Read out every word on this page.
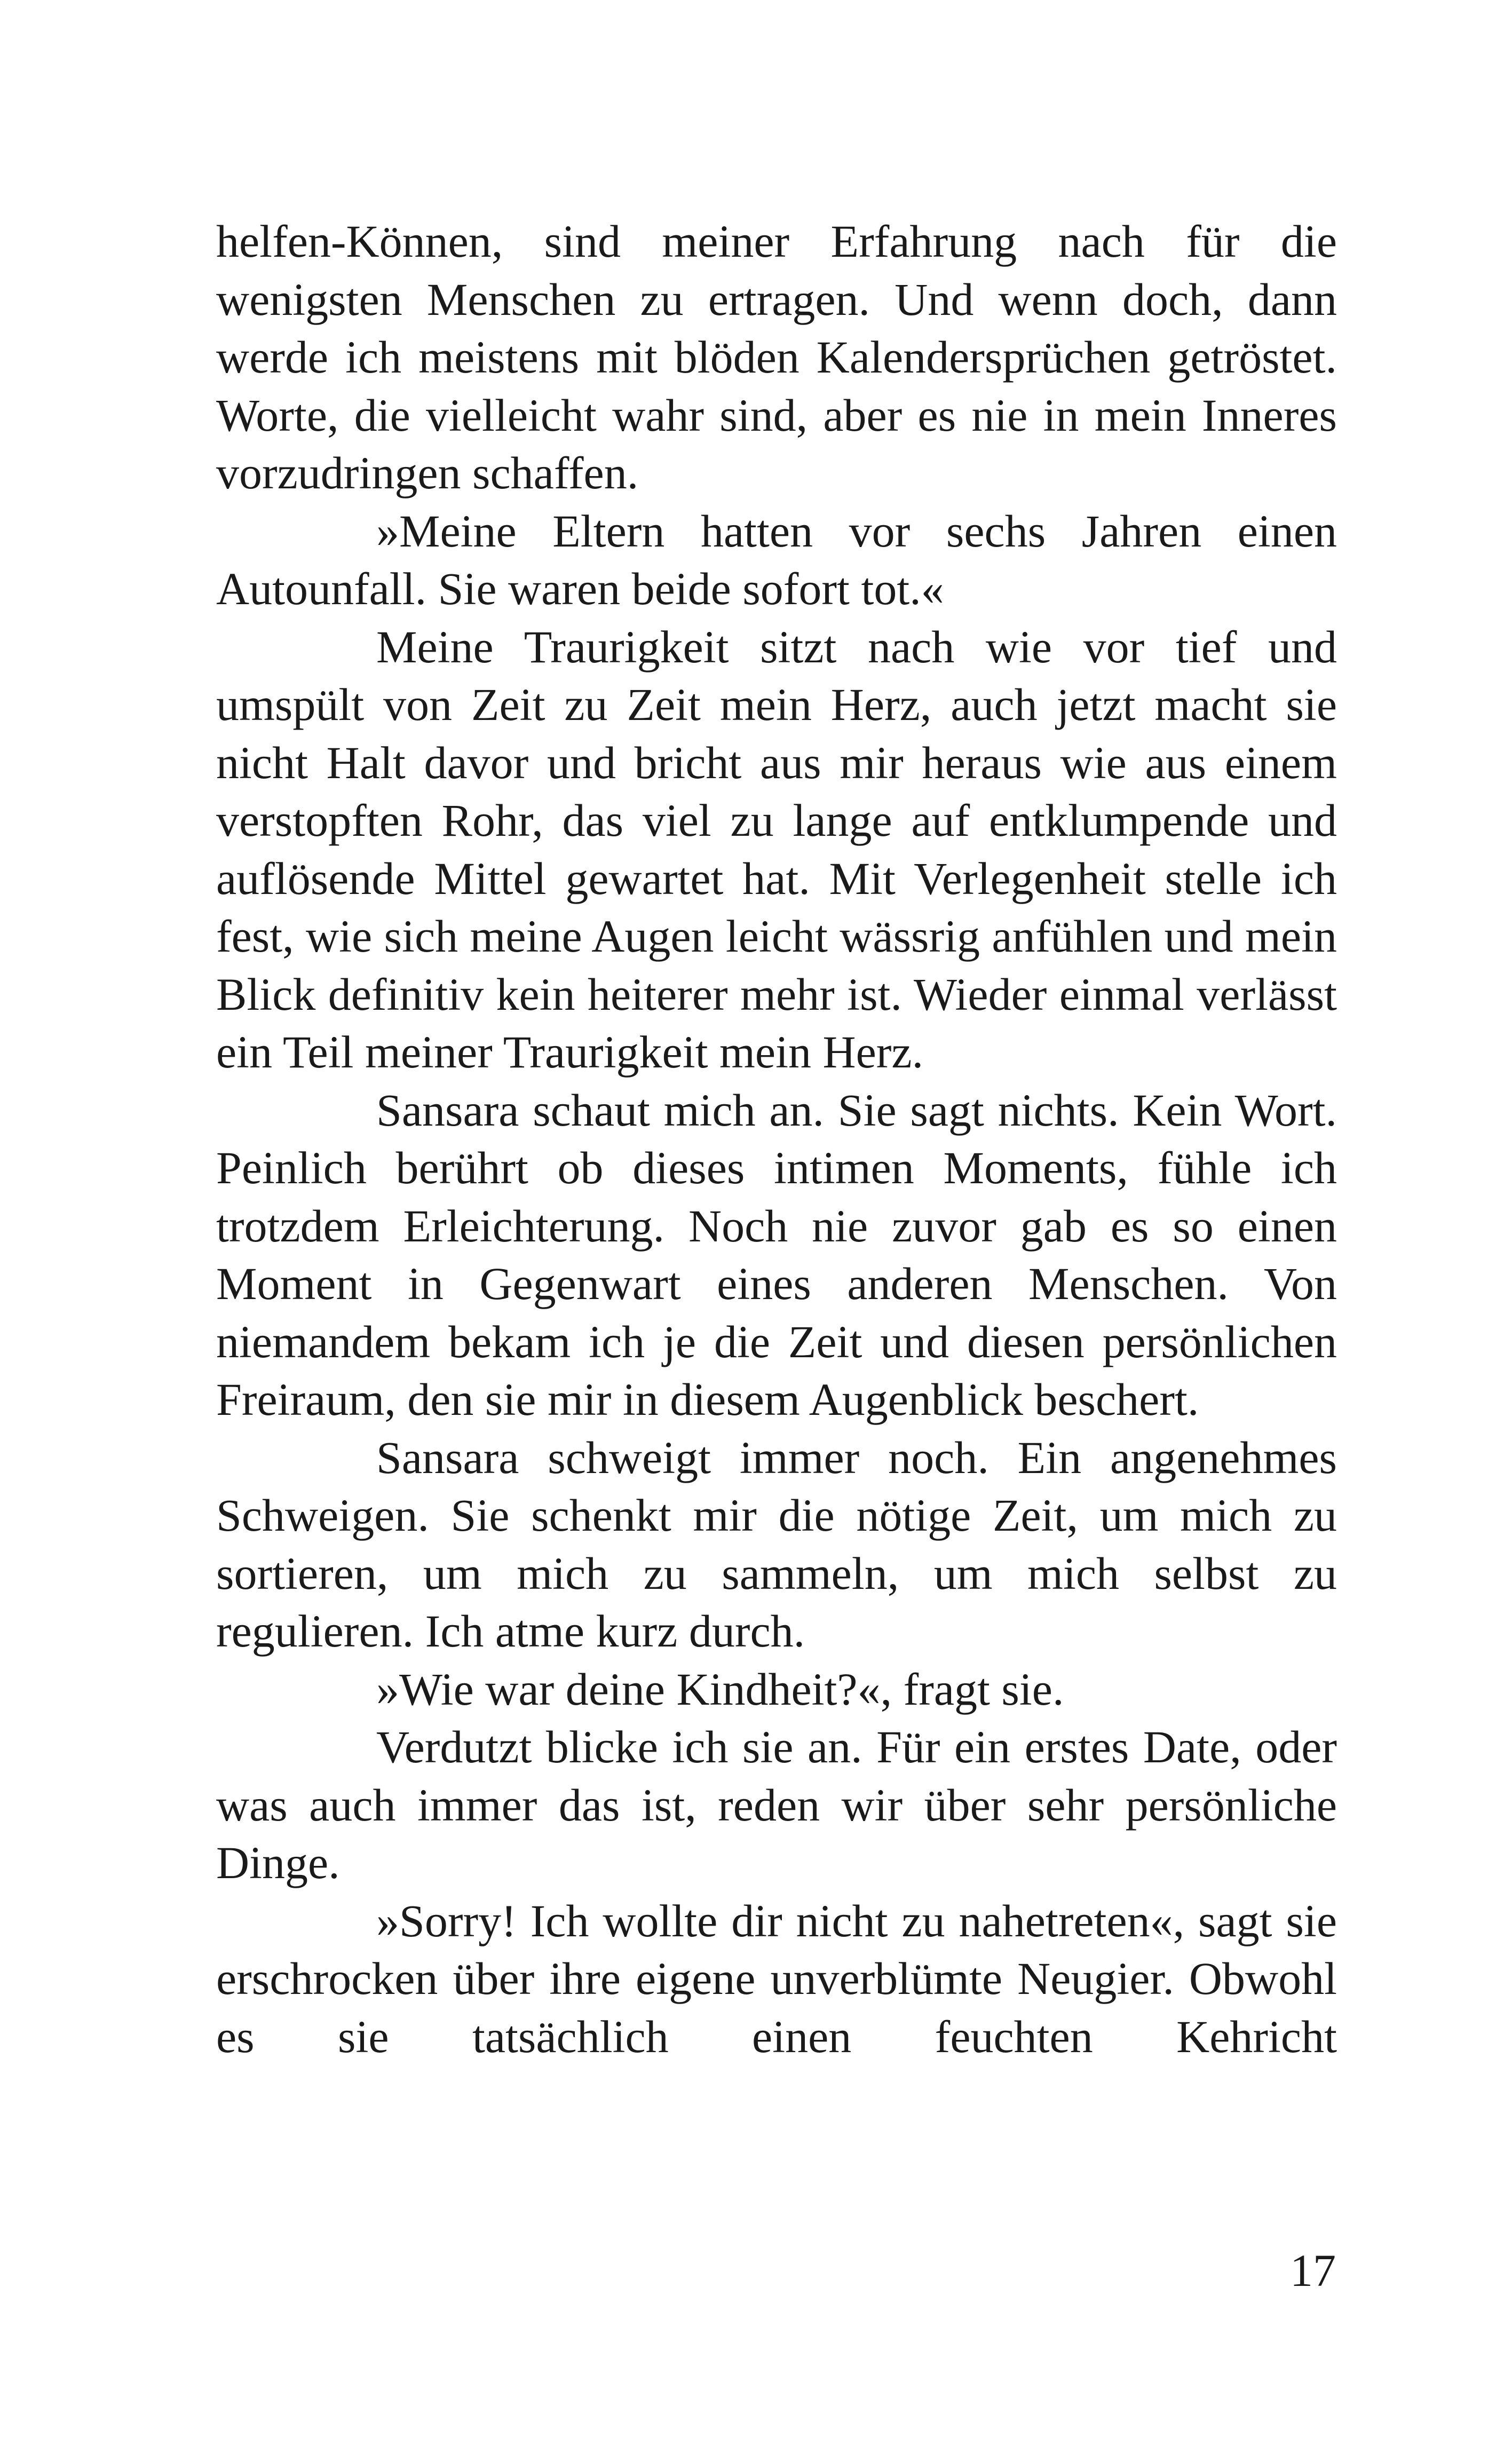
helfen-Können, sind meiner Erfahrung nach für die wenigsten Menschen zu ertragen. Und wenn doch, dann werde ich meistens mit blöden Kalendersprüchen getröstet. Worte, die vielleicht wahr sind, aber es nie in mein Inneres vorzudringen schaffen.

»Meine Eltern hatten vor sechs Jahren einen Autounfall. Sie waren beide sofort tot.«

Meine Traurigkeit sitzt nach wie vor tief und umspült von Zeit zu Zeit mein Herz, auch jetzt macht sie nicht Halt davor und bricht aus mir heraus wie aus einem verstopften Rohr, das viel zu lange auf entklumpende und auflösende Mittel gewartet hat. Mit Verlegenheit stelle ich fest, wie sich meine Augen leicht wässrig anfühlen und mein Blick definitiv kein heiterer mehr ist. Wieder einmal verlässt ein Teil meiner Traurigkeit mein Herz.

Sansara schaut mich an. Sie sagt nichts. Kein Wort. Peinlich berührt ob dieses intimen Moments, fühle ich trotzdem Erleichterung. Noch nie zuvor gab es so einen Moment in Gegenwart eines anderen Menschen. Von niemandem bekam ich je die Zeit und diesen persönlichen Freiraum, den sie mir in diesem Augenblick beschert.

Sansara schweigt immer noch. Ein angenehmes Schweigen. Sie schenkt mir die nötige Zeit, um mich zu sortieren, um mich zu sammeln, um mich selbst zu regulieren. Ich atme kurz durch.

»Wie war deine Kindheit?«, fragt sie.

Verdutzt blicke ich sie an. Für ein erstes Date, oder was auch immer das ist, reden wir über sehr persönliche Dinge.

»Sorry! Ich wollte dir nicht zu nahetreten«, sagt sie erschrocken über ihre eigene unverblümte Neugier. Obwohl es sie tatsächlich einen feuchten Kehricht

17
